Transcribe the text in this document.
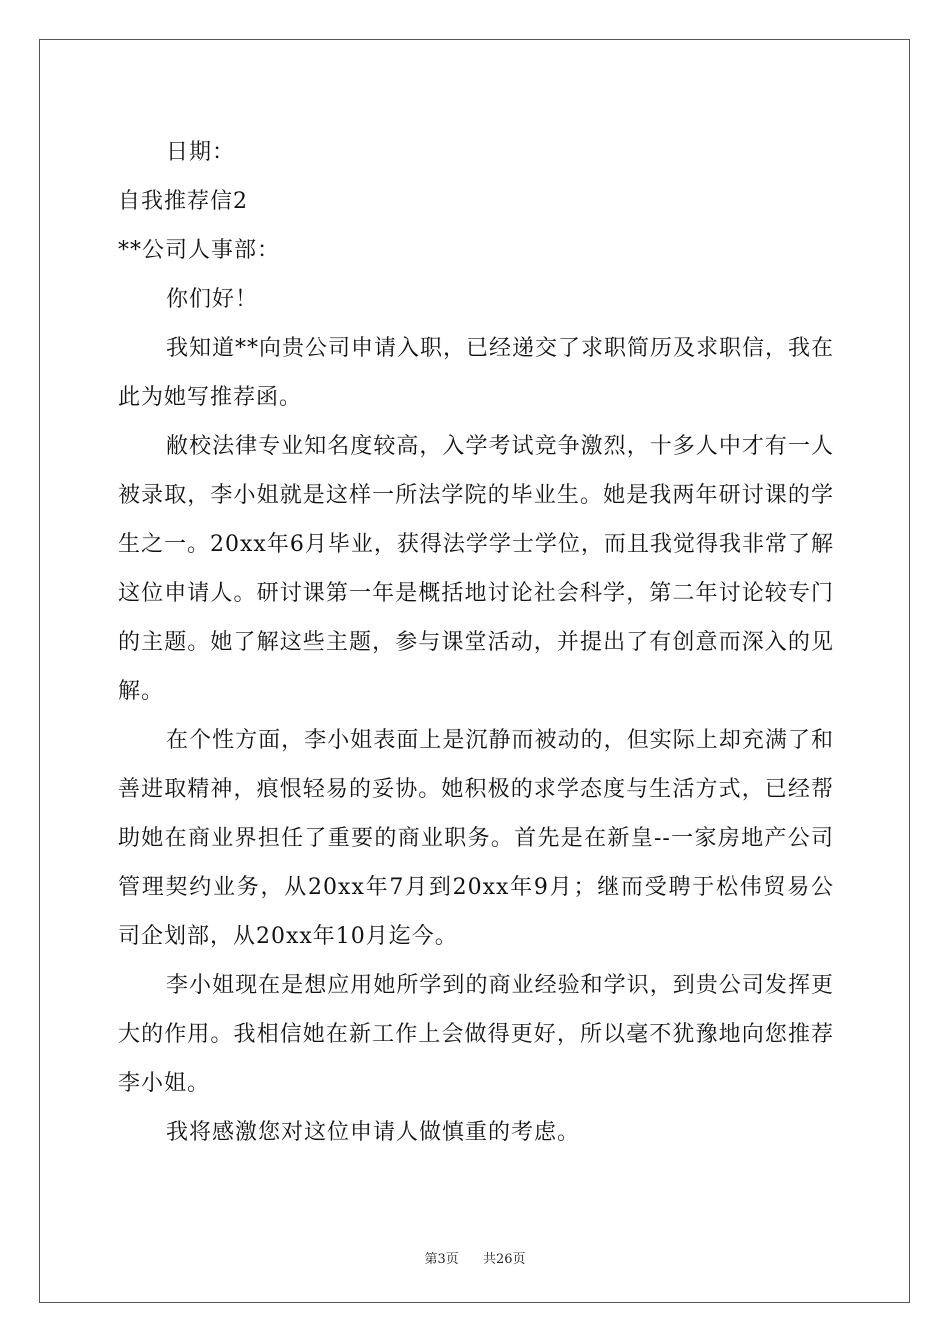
日期：

自我推荐信2

**公司人事部：

你们好！

我知道**向贵公司申请入职，已经递交了求职简历及求职信，我在此为她写推荐函。

敝校法律专业知名度较高，入学考试竞争激烈，十多人中才有一人被录取，李小姐就是这样一所法学院的毕业生。她是我两年研讨课的学生之一。20xx年6月毕业，获得法学学士学位，而且我觉得我非常了解这位申请人。研讨课第一年是概括地讨论社会科学，第二年讨论较专门的主题。她了解这些主题，参与课堂活动，并提出了有创意而深入的见解。

在个性方面，李小姐表面上是沉静而被动的，但实际上却充满了和善进取精神，痕恨轻易的妥协。她积极的求学态度与生活方式，已经帮助她在商业界担任了重要的商业职务。首先是在新皇--一家房地产公司管理契约业务，从20xx年7月到20xx年9月；继而受聘于松伟贸易公司企划部，从20xx年10月迄今。

李小姐现在是想应用她所学到的商业经验和学识，到贵公司发挥更大的作用。我相信她在新工作上会做得更好，所以毫不犹豫地向您推荐李小姐。

我将感激您对这位申请人做慎重的考虑。

第3页 共26页
